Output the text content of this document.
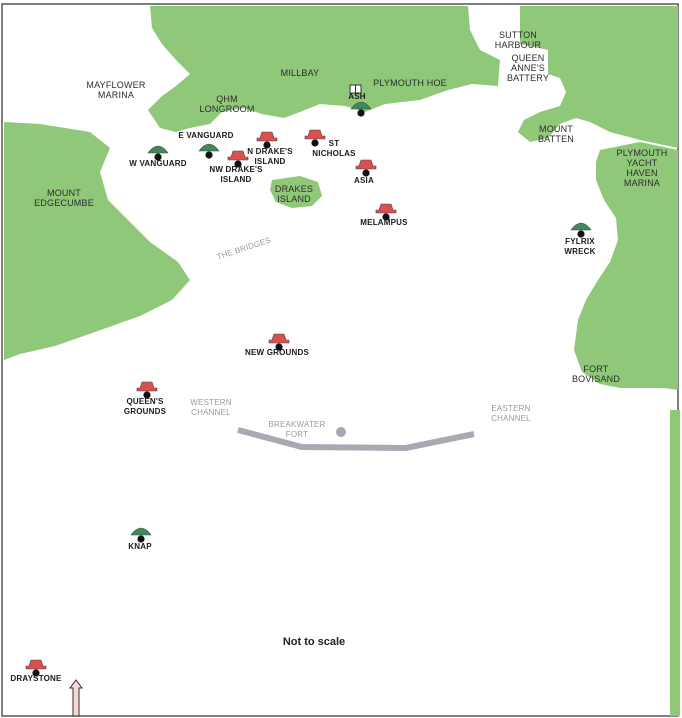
SUTTON
HARBOUR
QUEEN
ANNE'S
BATTERY
MILLBAY
PLYMOUTH HOE
MAYFLOWER
MARINA	QHM
LONGROOM
MOUNT
BATTEN
PLYMOUTH
YACHT
HAVEN
MARINA
MOUNT
EDGECUMBE
DRAKES
ISLAND
THE BRIDGES
FORT
BOVISAND
WESTERN
CHANNEL	EASTERN
CHANNEL
BREAKWATER
FORT
ASH
E VANGUARD
W VANGUARD
N DRAKE'S
ISLAND
ST
NICHOLAS
NW DRAKE'S
ISLAND	ASIA
MELAMPUS
FYLRIX
WRECK
NEW GROUNDS
QUEEN'S
GROUNDS
KNAP
DRAYSTONE
Not to scale
